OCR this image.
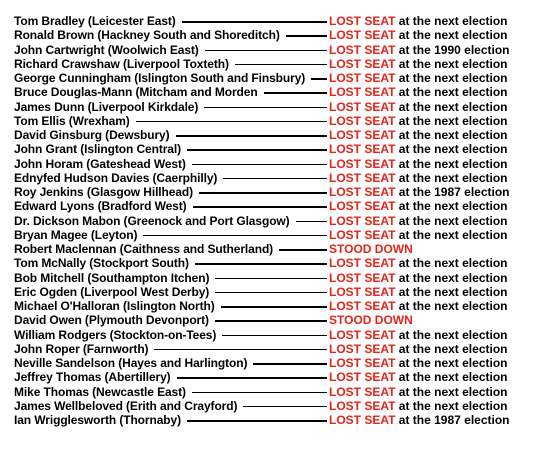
Tom Bradley (Leicester East)	LOST SEAT at the next election
Ronald Brown (Hackney South and Shoreditch)	LOST SEAT at the next election
John Cartwright (Woolwich East)	LOST SEAT at the 1990 election
Richard Crawshaw (Liverpool Toxteth)	LOST SEAT at the next election
George Cunningham (Islington South and Finsbury) LOST SEAT at the next election
Bruce Douglas-Mann (Mitcham and Morden	LOST SEAT at the next election
James Dunn (Liverpool Kirkdale)	LOST SEAT at the next election
Tom Ellis (Wrexham)	LOST SEAT at the next election
David Ginsburg (Dewsbury)	LOST SEAT at the next election
John Grant (Islington Central)	LOST SEAT at the next election
John Horam (Gateshead West)	LOST SEAT at the next election
Ednyfed Hudson Davies (Caerphilly)	LOST SEAT at the next election
Roy Jenkins (Glasgow Hillhead)	LOST SEAT at the 1987 election
Edward Lyons (Bradford West)	LOST SEAT at the next election
Dr. Dickson Mabon (Greenock and Port Glasgow)	LOST SEAT at the next election
Bryan Magee (Leyton)	LOST SEAT at the next election
Robert Maclennan (Caithness and Sutherland)	STOOD DOWN
Tom McNally (Stockport South)	LOST SEAT at the next election
Bob Mitchell (Southampton Itchen)	LOST SEAT at the next election
Eric Ogden (Liverpool West Derby)	LOST SEAT at the next election
Michael O'Halloran (Islington North)	LOST SEAT at the next election
David Owen (Plymouth Devonport)	STOOD DOWN
William Rodgers (Stockton-on-Tees)	LOST SEAT at the next election
John Roper (Farnworth)	LOST SEAT at the next election
Neville Sandelson (Hayes and Harlington)	LOST SEAT at the next election
Jeffrey Thomas (Abertillery)	LOST SEAT at the next election
Mike Thomas (Newcastle East)	LOST SEAT at the next election
James Wellbeloved (Erith and Crayford)	LOST SEAT at the next election
Ian Wrigglesworth (Thornaby)	LOST SEAT at the 1987 election
